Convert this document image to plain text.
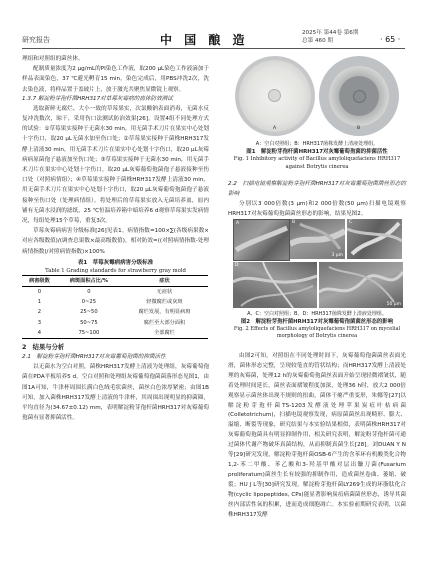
研究报告	中 国 酿 造	2025年 第44卷 第6期
总第 460 期	· 65 ·

理组和对照组的菌丝体。

配制质量浓度为2 μg/mL的PI染色工作液，取200 μL染色工作液滴加于样品表面染色，37 ℃避光孵育15 min，染色完成后，用PBS冲洗2次，洗去染色液，将样品置于盖玻片上，放于激光共聚焦显微镜上观察。

1.3.7 解淀粉芽孢杆菌HRH317对草莓灰霉病的离体防效测试

选取新鲜无腐烂、大小一致的草莓果实，次氯酸钠表面消毒，无菌水反复冲洗数次，晾干，采用伤口法测试防治效果[26]。设置4组不同处理方式的试验：①草莓果实接种于无菌水30 min，用无菌手术刀片在果实中心处划十字伤口，取20 μL无菌水加至伤口处；②草莓果实接种于菌株HRH317发酵上清液30 min，用无菌手术刀片在果实中心处划十字伤口，取20 μL灰霉病病原菌孢子悬液加至伤口处；③草莓果实接种于无菌水30 min，用无菌手术刀片在果实中心处划十字伤口，取20 μL灰霉葡萄孢菌孢子悬液接种至伤口处（对照病情组）；④草莓果实接种于菌株HRH317发酵上清液30 min，用无菌手术刀片在果实中心处划十字伤口，取20 μL灰霉葡萄孢菌孢子悬液接种至伤口处（处理病情组）。将处理后的草莓果实放入无菌培养皿，皿内铺有无菌水浸润的滤纸，25 ℃恒温培养箱中暗培养6 d观察草莓果实发病情况，每组处理15个草莓，重复3次。

草莓灰霉病病害分级标准[26]见表1。病情指数=100×∑(各级病果数×对应各级数值)/(调查总果数×最高级数值)，相对防效=((对照病情指数-处理病情指数)/对照病情指数)×100%

表1　草莓灰霉病病害分级标准
Table 1 Grading standards for strawberry gray mold
病害级数	病斑面积占比/%	症状
0	0	无症状
1	0~25	轻微腐烂或灰斑
2	25~50	腐烂发展，有明显病斑
3	50~75	腐烂至大部分面积
4	75~100	全部腐烂
2　结果与分析
2.1　解淀粉芽孢杆菌HRH317对灰霉葡萄孢菌的抑菌活性

以无菌水为空白对照，菌株HRH317发酵上清液为处理组，灰霉葡萄孢菌在PDA平板培养5 d，空白对照和处理组灰霉葡萄孢菌菌落形态见图1，由图1A可知，牛津杯周围长满白色绒毛状菌丝，菌丝白色浓厚紧密；由图1B可知，加入菌株HRH317发酵上清液的牛津杯，其周围出现明显的抑菌圈，平均直径为(34.67±0.12) mm，表明解淀粉芽孢杆菌HRH317对灰霉葡萄孢菌有显著抑菌活性。

A	B
A：空白对照组；B：HRH317菌株发酵上清液处理组。
图1　解淀粉芽孢杆菌HRH317对灰霉葡萄孢菌的抑菌活性
Fig. 1 Inhibitory activity of Bacillus amyloliquefaciens HRH317 against Botrytis cinerea
2.2　扫描电镜观察解淀粉芽孢杆菌HRH317对灰霉葡萄孢菌菌丝形态的影响

分别以3 000倍数(3 μm)和2 000倍数(50 μm)扫描电镜观察HRH317对灰霉葡萄孢菌菌丝形态的影响，结果见图2。

A	B
3 μm
C
D
50 μm
A、C：空白对照组；B、D：HRH317菌株发酵上清液处理组。
图2　解淀粉芽孢杆菌HRH317对灰霉葡萄孢菌菌丝形态的影响
Fig. 2 Effects of Bacillus amyloliquefaciens HRH317 on mycelial morphology of Botrytis cinerea

由图2可知，对照组在不同处理时间下，灰霉葡萄孢菌菌丝表面光滑，菌体形态完整，呈现较笔直的管状结构；而HRH317发酵上清液处理的灰霉菌，处理12 h的灰霉葡萄孢菌丝表面开始呈现轻微褶皱状，随着处理时间延长，菌丝表面褶皱程度加深，处理36 h时，放大2 000倍观察显示菌丝体出现不规则的扭曲，菌体干瘪严重变形，朱娜等[27]以解淀粉芽孢杆菌TS-1203发酵液处理苹果炭疽叶枯病菌(Colletotrichum)，扫描电镜观察发现，病原菌菌丝出现畸形、膨大、溢缩、断裂等现象，研究结果与本实验结果相似，表明菌株HRH317对灰霉葡萄孢菌具有明显抑制作用，相关研究表明，解淀粉芽孢杆菌可通过菌体代谢产物破坏真菌结构，从而抑制真菌生长[28]。刘DUAN Y N等[29]研究发现，解淀粉芽孢杆菌OSB-6产生的含苯环有机酸类化合物1,2-苯二甲酸、苯乙酸和3-羟基甲酸对层出镰刀菌(Fusarium proliferatum)菌丝生长有较强的抑制作用，造成菌丝卷曲、萎缩、破裂；HU J L等[30]研究发现，解淀粉芽孢杆菌LY269生成的环脂肽化合物(cyclic lipopeptides, CPs)能显著影响炭疽病菌菌丝形态，诱导其菌丝内部活性氧的积累，进而造成细胞凋亡。本实验前期研究表明，以菌株HRH317发酵
